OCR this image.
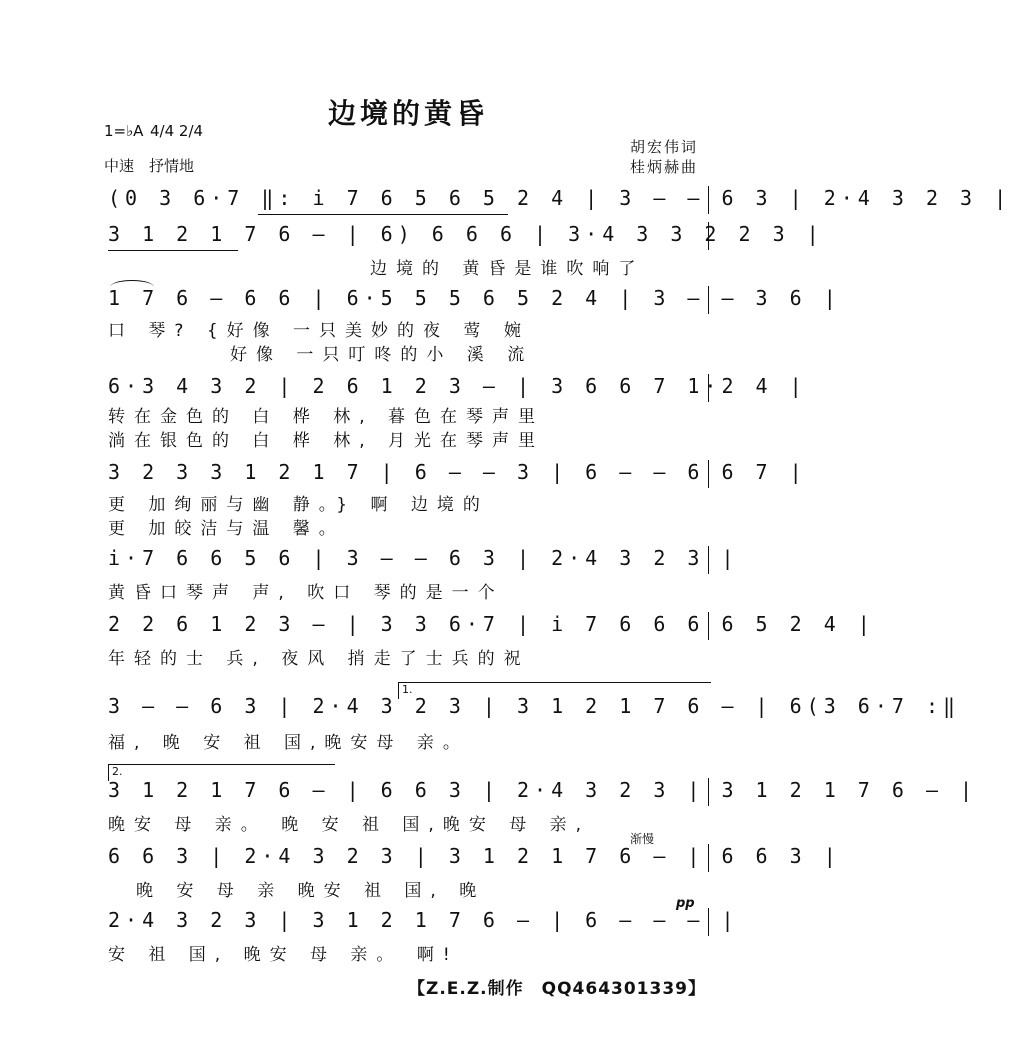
边境的黄昏
1=♭A 4/4 2/4
中速　抒情地
胡宏伟词
桂炳赫曲
(0 3 6·7 ‖: i 7 6 5 6 5 2 4 | 3 — — 6 3 | 2·4 3 2 3 |
3 1 2 1 7 6 — | 6) 6 6 6 | 3·4 3 3 2 2 3 |
边境的 黄昏是谁吹响了
1 7 6 — 6 6 | 6·5 5 5 6 5 2 4 | 3 — — 3 6 |
口 琴? {好像 一只美妙的夜 莺 婉
好像 一只叮咚的小 溪 流
6·3 4 3 2 | 2 6 1 2 3 — | 3 6 6 7 1·2 4 |
转在金色的 白 桦 林, 暮色在琴声里
淌在银色的 白 桦 林, 月光在琴声里
3 2 3 3 1 2 1 7 | 6 — — 3 | 6 — — 6 6 7 |
更 加绚丽与幽 静。} 啊 边境的
更 加皎洁与温 馨。
i·7 6 6 5 6 | 3 — — 6 3 | 2·4 3 2 3 |
黄昏口琴声 声, 吹口 琴的是一个
2 2 6 1 2 3 — | 3 3 6·7 | i 7 6 6 6 6 5 2 4 |
年轻的士 兵, 夜风 捎走了士兵的祝
1.
3 — — 6 3 | 2·4 3 2 3 | 3 1 2 1 7 6 — | 6(3 6·7 :‖
福, 晚 安 祖 国,晚安母 亲。
2.
3 1 2 1 7 6 — | 6 6 3 | 2·4 3 2 3 | 3 1 2 1 7 6 — |
晚安 母 亲。 晚 安 祖 国,晚安 母 亲,
渐慢
6 6 3 | 2·4 3 2 3 | 3 1 2 1 7 6 — | 6 6 3 |
晚 安 母 亲 晚安 祖 国, 晚
pp
2·4 3 2 3 | 3 1 2 1 7 6 — | 6 — — — |
安 祖 国, 晚安 母 亲。 啊!
【Z.E.Z.制作　QQ464301339】
